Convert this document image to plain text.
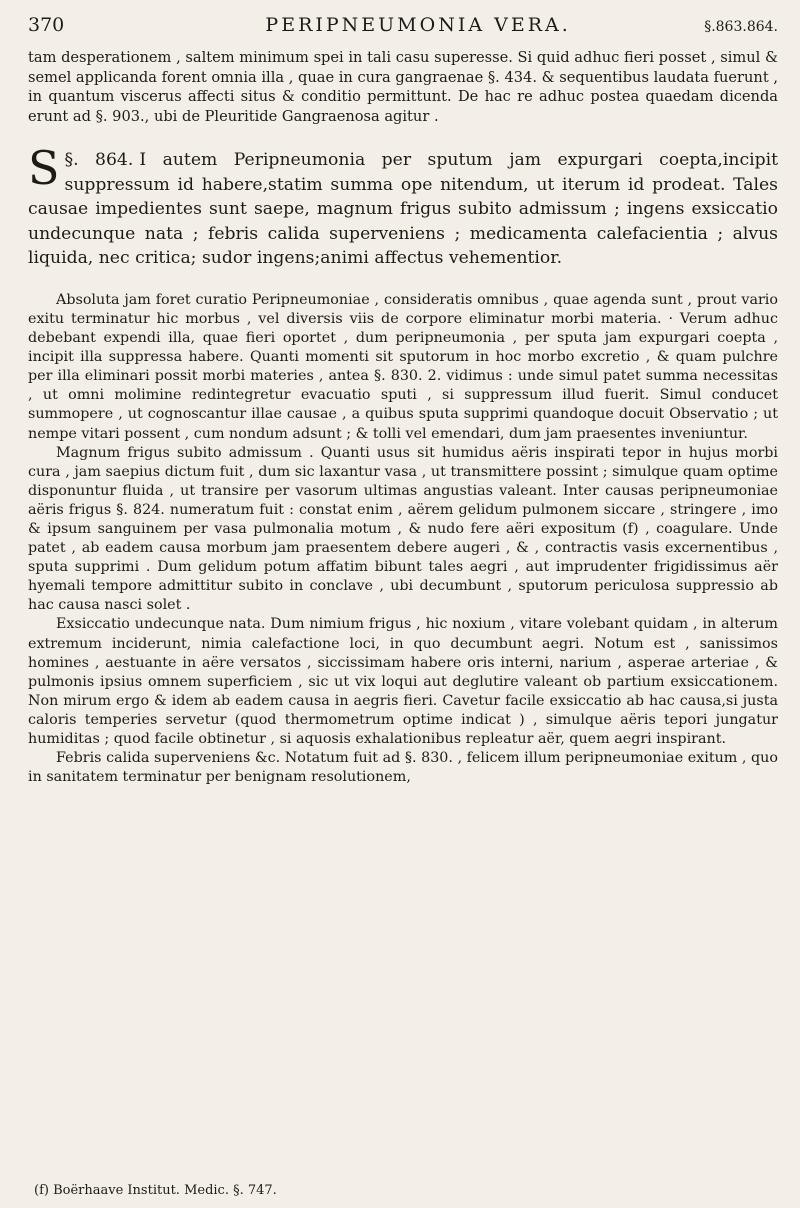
370	PERIPNEUMONIA VERA.	§.863.864.

tam desperationem , saltem minimum spei in tali casu superesse. Si quid adhuc fieri posset , simul & semel applicanda forent omnia illa , quae in cura gangraenae §. 434. & sequentibus laudata fuerunt , in quantum viscerus affecti situs & conditio permittunt. De hac re adhuc postea quaedam dicenda erunt ad §. 903., ubi de Pleuritide Gangraenosa agitur .

§. 864.
S	I autem Peripneumonia per sputum jam expurgari coepta,incipit suppressum id habere,statim summa ope nitendum, ut iterum id prodeat. Tales causae impedientes sunt saepe, magnum frigus subito admissum ; ingens exsiccatio undecunque nata ; febris calida superveniens ; medicamenta calefacientia ; alvus liquida, nec critica; sudor ingens;animi affectus vehementior.

Absoluta jam foret curatio Peripneumoniae , consideratis omnibus , quae agenda sunt , prout vario exitu terminatur hic morbus , vel diversis viis de corpore eliminatur morbi materia. · Verum adhuc debebant expendi illa, quae fieri oportet , dum peripneumonia , per sputa jam expurgari coepta , incipit illa suppressa habere. Quanti momenti sit sputorum in hoc morbo excretio , & quam pulchre per illa eliminari possit morbi materies , antea §. 830. 2. vidimus : unde simul patet summa necessitas , ut omni molimine redintegretur evacuatio sputi , si suppressum illud fuerit. Simul conducet summopere , ut cognoscantur illae causae , a quibus sputa supprimi quandoque docuit Observatio ; ut nempe vitari possent , cum nondum adsunt ; & tolli vel emendari, dum jam praesentes inveniuntur.

Magnum frigus subito admissum . Quanti usus sit humidus aëris inspirati tepor in hujus morbi cura , jam saepius dictum fuit , dum sic laxantur vasa , ut transmittere possint ; simulque quam optime disponuntur fluida , ut transire per vasorum ultimas angustias valeant. Inter causas peripneumoniae aëris frigus §. 824. numeratum fuit : constat enim , aërem gelidum pulmonem siccare , stringere , imo & ipsum sanguinem per vasa pulmonalia motum , & nudo fere aëri expositum (f) , coagulare. Unde patet , ab eadem causa morbum jam praesentem debere augeri , & , contractis vasis excernentibus , sputa supprimi . Dum gelidum potum affatim bibunt tales aegri , aut imprudenter frigidissimus aër hyemali tempore admittitur subito in conclave , ubi decumbunt , sputorum periculosa suppressio ab hac causa nasci solet .

Exsiccatio undecunque nata. Dum nimium frigus , hic noxium , vitare volebant quidam , in alterum extremum inciderunt, nimia calefactione loci, in quo decumbunt aegri. Notum est , sanissimos homines , aestuante in aëre versatos , siccissimam habere oris interni, narium , asperae arteriae , & pulmonis ipsius omnem superficiem , sic ut vix loqui aut deglutire valeant ob partium exsiccationem. Non mirum ergo & idem ab eadem causa in aegris fieri. Cavetur facile exsiccatio ab hac causa,si justa caloris temperies servetur (quod thermometrum optime indicat ) , simulque aëris tepori jungatur humiditas ; quod facile obtinetur , si aquosis exhalationibus repleatur aër, quem aegri inspirant.

Febris calida superveniens &c. Notatum fuit ad §. 830. , felicem illum peripneumoniae exitum , quo in sanitatem terminatur per benignam resolutionem,

(f) Boërhaave Institut. Medic. §. 747.
